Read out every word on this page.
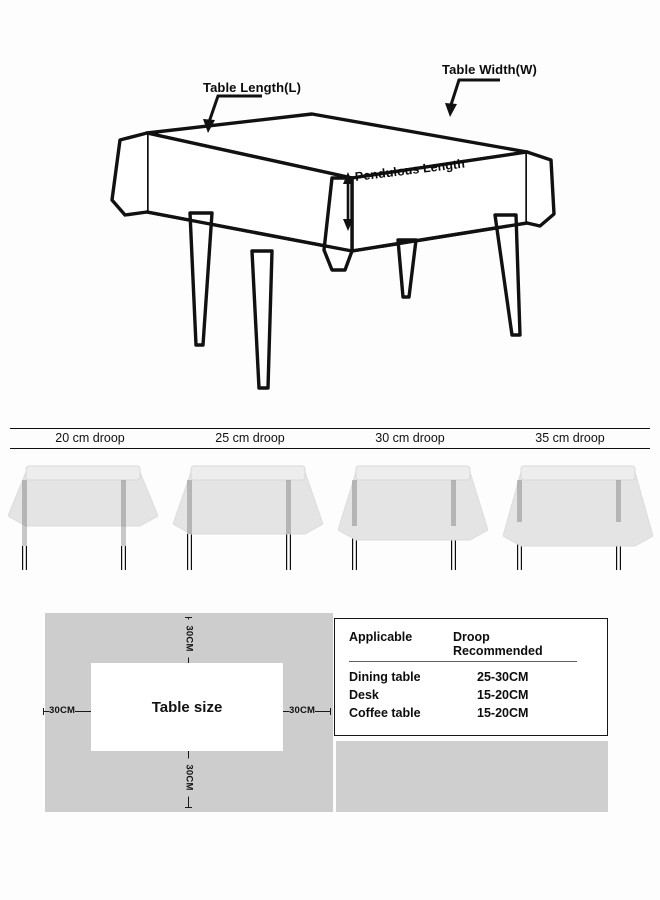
Table Length(L)
Table Width(W)
Pendulous Length
20 cm droop	25 cm droop	30 cm droop	35 cm droop
Table size
30CM
30CM
30CM	30CM
Applicable	Droop Recommended
Dining table	25-30CM
Desk	15-20CM
Coffee table	15-20CM
